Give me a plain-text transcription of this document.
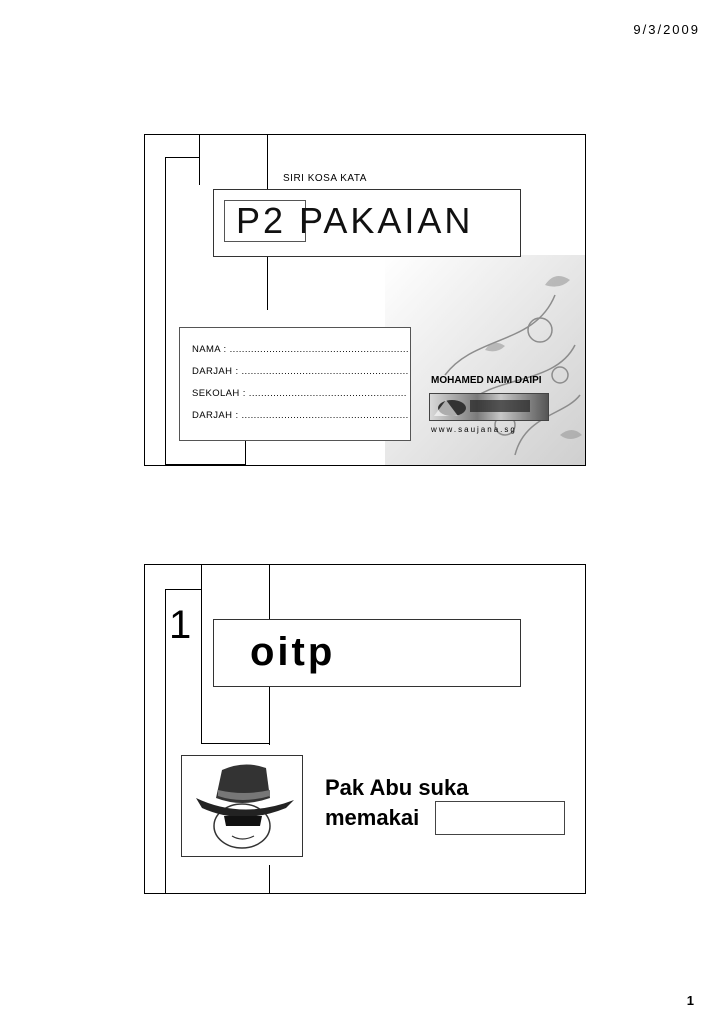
9/3/2009
SIRI KOSA KATA
P2 PAKAIAN
NAMA : ...........................................................
DARJAH : .......................................................
SEKOLAH : ....................................................
DARJAH : .......................................................
MOHAMED NAIM DAIPI
www.saujana.sg
1
oitp
Pak Abu suka
memakai
1
